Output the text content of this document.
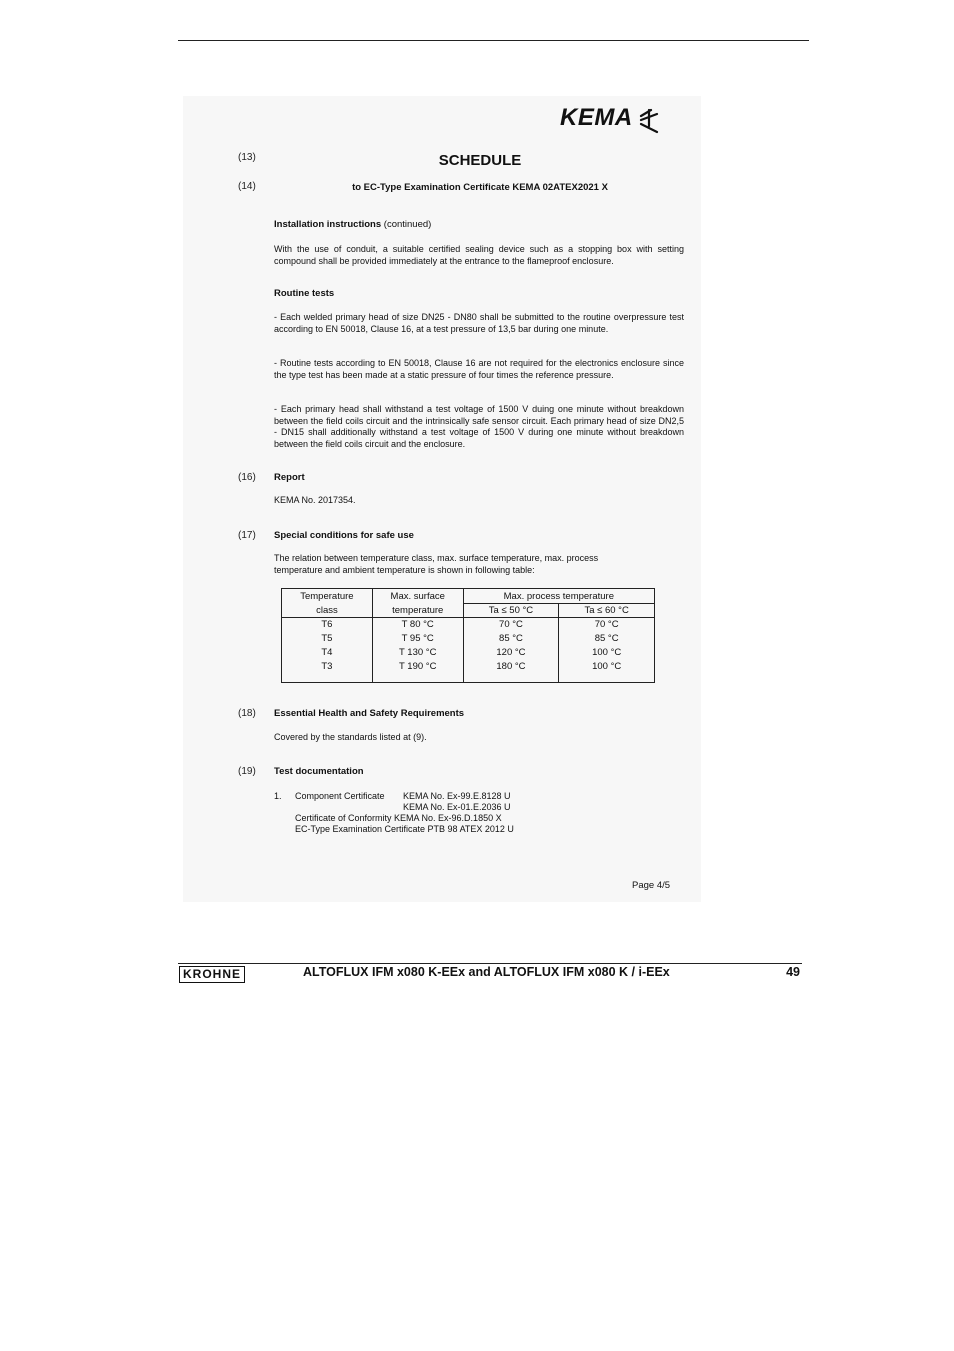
KEMA
(13)	SCHEDULE
(14)	to EC-Type Examination Certificate KEMA 02ATEX2021 X
Installation instructions (continued)
With the use of conduit, a suitable certified sealing device such as a stopping box with setting compound shall be provided immediately at the entrance to the flameproof enclosure.
Routine tests
- Each welded primary head of size DN25 - DN80 shall be submitted to the routine overpressure test according to EN 50018, Clause 16, at a test pressure of 13,5 bar during one minute.
- Routine tests according to EN 50018, Clause 16 are not required for the electronics enclosure since the type test has been made at a static pressure of four times the reference pressure.
- Each primary head shall withstand a test voltage of 1500 V duing one minute without breakdown between the field coils circuit and the intrinsically safe sensor circuit. Each primary head of size DN2,5 - DN15 shall additionally withstand a test voltage of 1500 V during one minute without breakdown between the field coils circuit and the enclosure.
(16) Report
KEMA No. 2017354.
(17) Special conditions for safe use
The relation between temperature class, max. surface temperature, max. process temperature and ambient temperature is shown in following table:
Temperature	Max. surface	Max. process temperature	
class	temperature	Ta ≤ 50 °C	Ta ≤ 60 °C
T6	T 80 °C	70 °C	70 °C
T5	T 95 °C	85 °C	85 °C
T4	T 130 °C	120 °C	100 °C
T3	T 190 °C	180 °C	100 °C
(18) Essential Health and Safety Requirements
Covered by the standards listed at (9).
(19) Test documentation
1. Component Certificate KEMA No. Ex-99.E.8128 U
KEMA No. Ex-01.E.2036 U
Certificate of Conformity KEMA No. Ex-96.D.1850 X
EC-Type Examination Certificate PTB 98 ATEX 2012 U
Page 4/5
KROHNE	ALTOFLUX IFM x080 K-EEx and ALTOFLUX IFM x080 K / i-EEx	49
